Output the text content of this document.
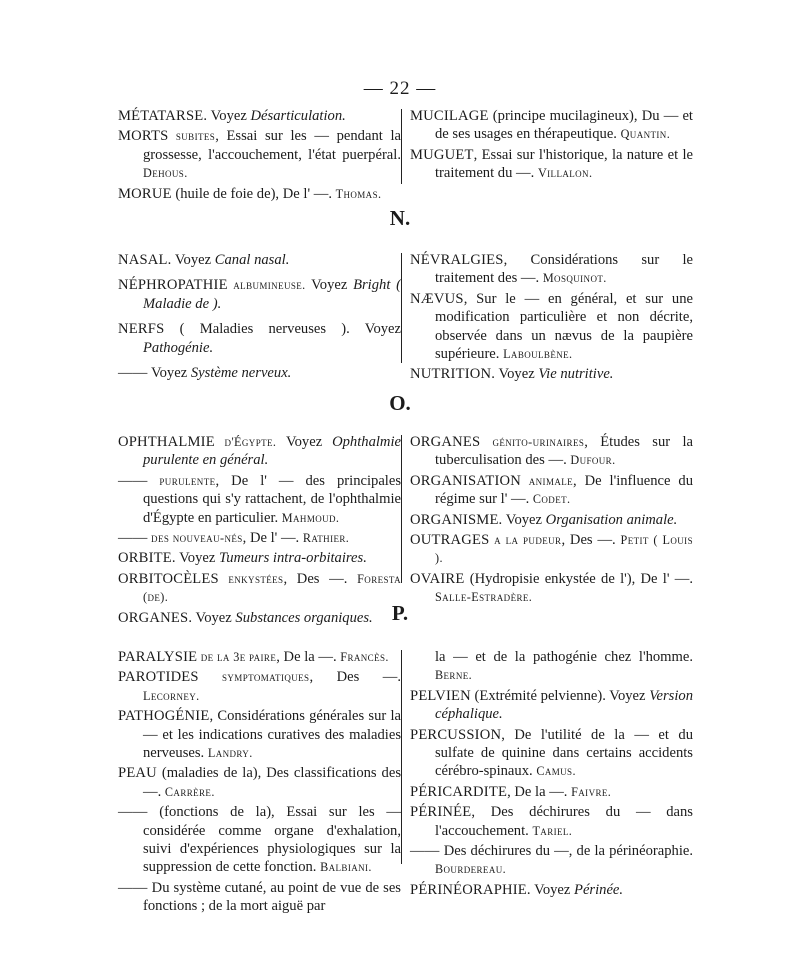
— 22 —
MÉTATARSE. Voyez Désarticulation.
MORTS subites, Essai sur les — pendant la grossesse, l'accouchement, l'état puerpéral. Dehous.
MORUE (huile de foie de), De l' —. Thomas.
MUCILAGE (principe mucilagineux), Du — et de ses usages en thérapeutique. Quantin.
MUGUET, Essai sur l'historique, la nature et le traitement du —. Villalon.
N.
NASAL. Voyez Canal nasal.
NÉPHROPATHIE albumineuse. Voyez Bright ( Maladie de ).
NERFS ( Maladies nerveuses ). Voyez Pathogénie.
—— Voyez Système nerveux.
NÉVRALGIES, Considérations sur le traitement des —. Mosquinot.
NÆVUS, Sur le — en général, et sur une modification particulière et non décrite, observée dans un nævus de la paupière supérieure. Laboulbène.
NUTRITION. Voyez Vie nutritive.
O.
OPHTHALMIE d'Égypte. Voyez Ophthalmie purulente en général.
—— purulente, De l' — des principales questions qui s'y rattachent, de l'ophthalmie d'Égypte en particulier. Mahmoud.
—— des nouveau-nés, De l' —. Rathier.
ORBITE. Voyez Tumeurs intra-orbitaires.
ORBITOCÈLES enkystées, Des —. Foresta (de).
ORGANES. Voyez Substances organiques.
ORGANES génito-urinaires, Études sur la tuberculisation des —. Dufour.
ORGANISATION animale, De l'influence du régime sur l' —. Codet.
ORGANISME. Voyez Organisation animale.
OUTRAGES a la pudeur, Des —. Petit ( Louis ).
OVAIRE (Hydropisie enkystée de l'), De l' —. Salle-Estradère.
P.
PARALYSIE de la 3e paire, De la —. Francès.
PAROTIDES symptomatiques, Des —. Lecorney.
PATHOGÉNIE, Considérations générales sur la — et les indications curatives des maladies nerveuses. Landry.
PEAU (maladies de la), Des classifications des —. Carrère.
—— (fonctions de la), Essai sur les — considérée comme organe d'exhalation, suivi d'expériences physiologiques sur la suppression de cette fonction. Balbiani.
—— Du système cutané, au point de vue de ses fonctions ; de la mort aiguë par
la — et de la pathogénie chez l'homme. Berne.
PELVIEN (Extrémité pelvienne). Voyez Version céphalique.
PERCUSSION, De l'utilité de la — et du sulfate de quinine dans certains accidents cérébro-spinaux. Camus.
PÉRICARDITE, De la —. Faivre.
PÉRINÉE, Des déchirures du — dans l'accouchement. Tariel.
—— Des déchirures du —, de la périnéoraphie. Bourdereau.
PÉRINÉORAPHIE. Voyez Périnée.
